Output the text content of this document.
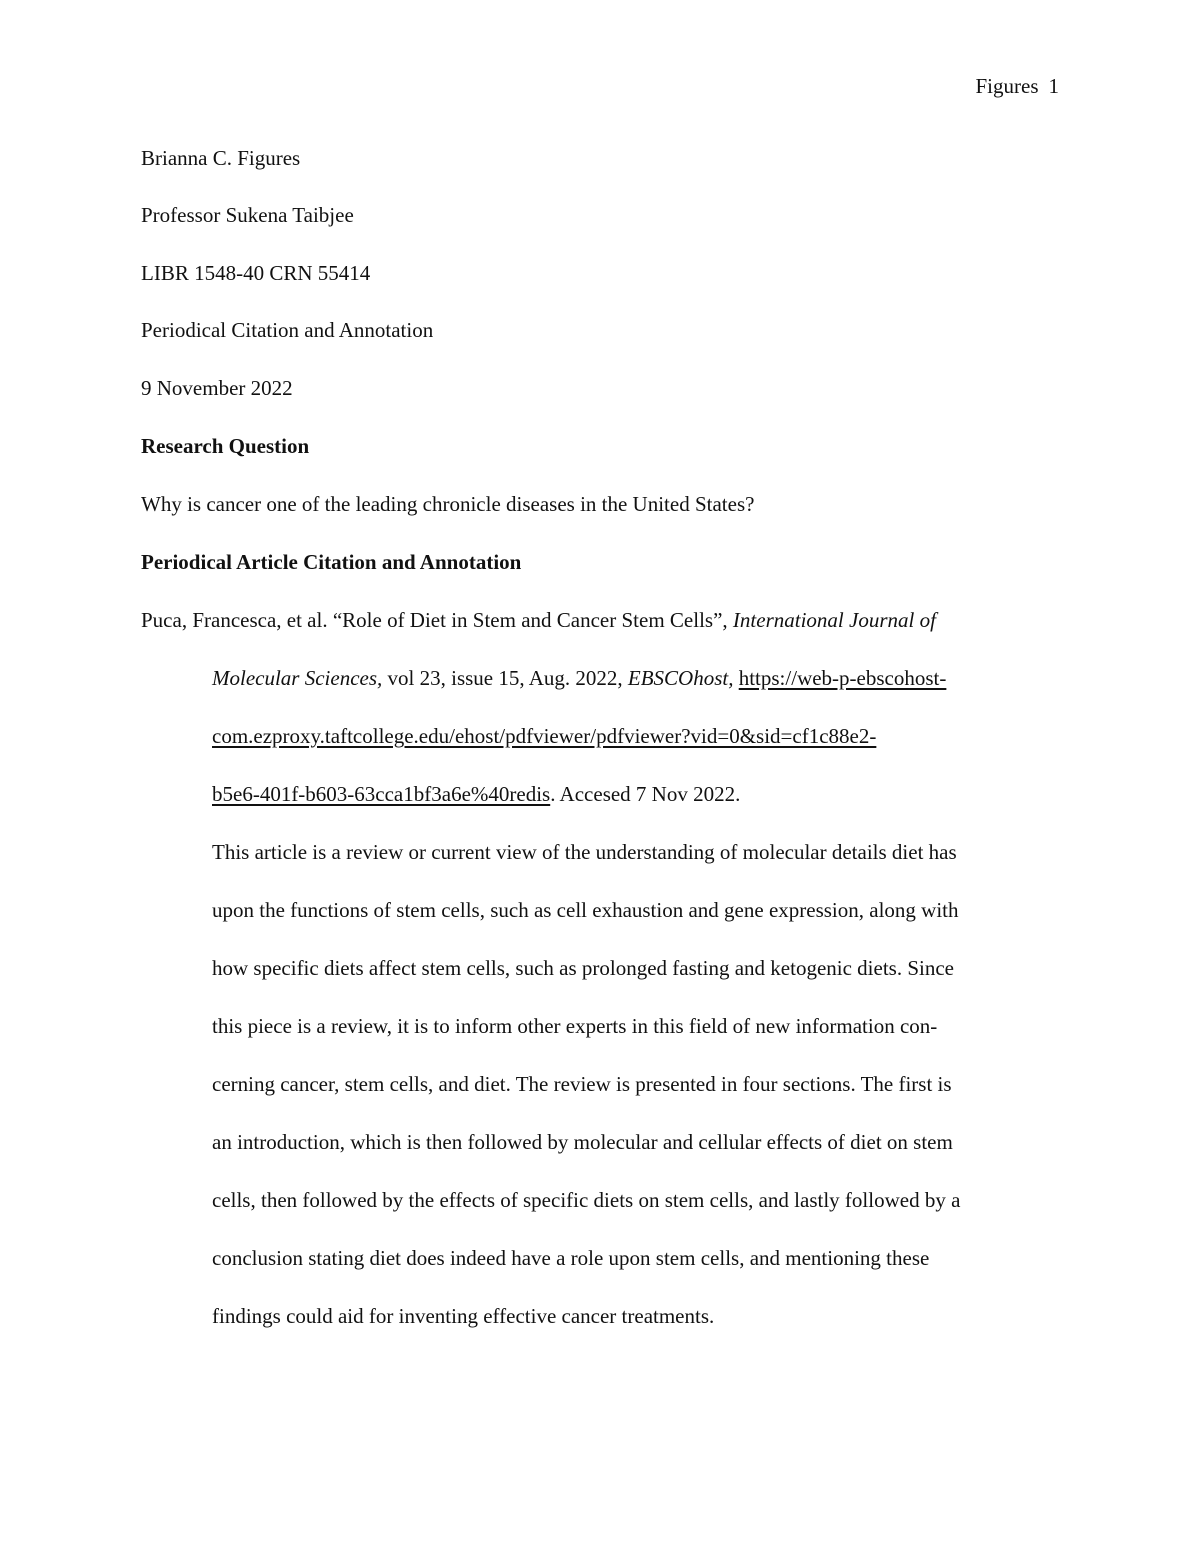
Figures 1
Brianna C. Figures
Professor Sukena Taibjee
LIBR 1548-40 CRN 55414
Periodical Citation and Annotation
9 November 2022
Research Question
Why is cancer one of the leading chronicle diseases in the United States?
Periodical Article Citation and Annotation
Puca, Francesca, et al. “Role of Diet in Stem and Cancer Stem Cells”, International Journal of
Molecular Sciences, vol 23, issue 15, Aug. 2022, EBSCOhost, https://web-p-ebscohost-
com.ezproxy.taftcollege.edu/ehost/pdfviewer/pdfviewer?vid=0&sid=cf1c88e2-
b5e6-401f-b603-63cca1bf3a6e%40redis. Accesed 7 Nov 2022.
This article is a review or current view of the understanding of molecular details diet has
upon the functions of stem cells, such as cell exhaustion and gene expression, along with
how specific diets affect stem cells, such as prolonged fasting and ketogenic diets. Since
this piece is a review, it is to inform other experts in this field of new information con-
cerning cancer, stem cells, and diet. The review is presented in four sections. The first is
an introduction, which is then followed by molecular and cellular effects of diet on stem
cells, then followed by the effects of specific diets on stem cells, and lastly followed by a
conclusion stating diet does indeed have a role upon stem cells, and mentioning these
findings could aid for inventing effective cancer treatments.
